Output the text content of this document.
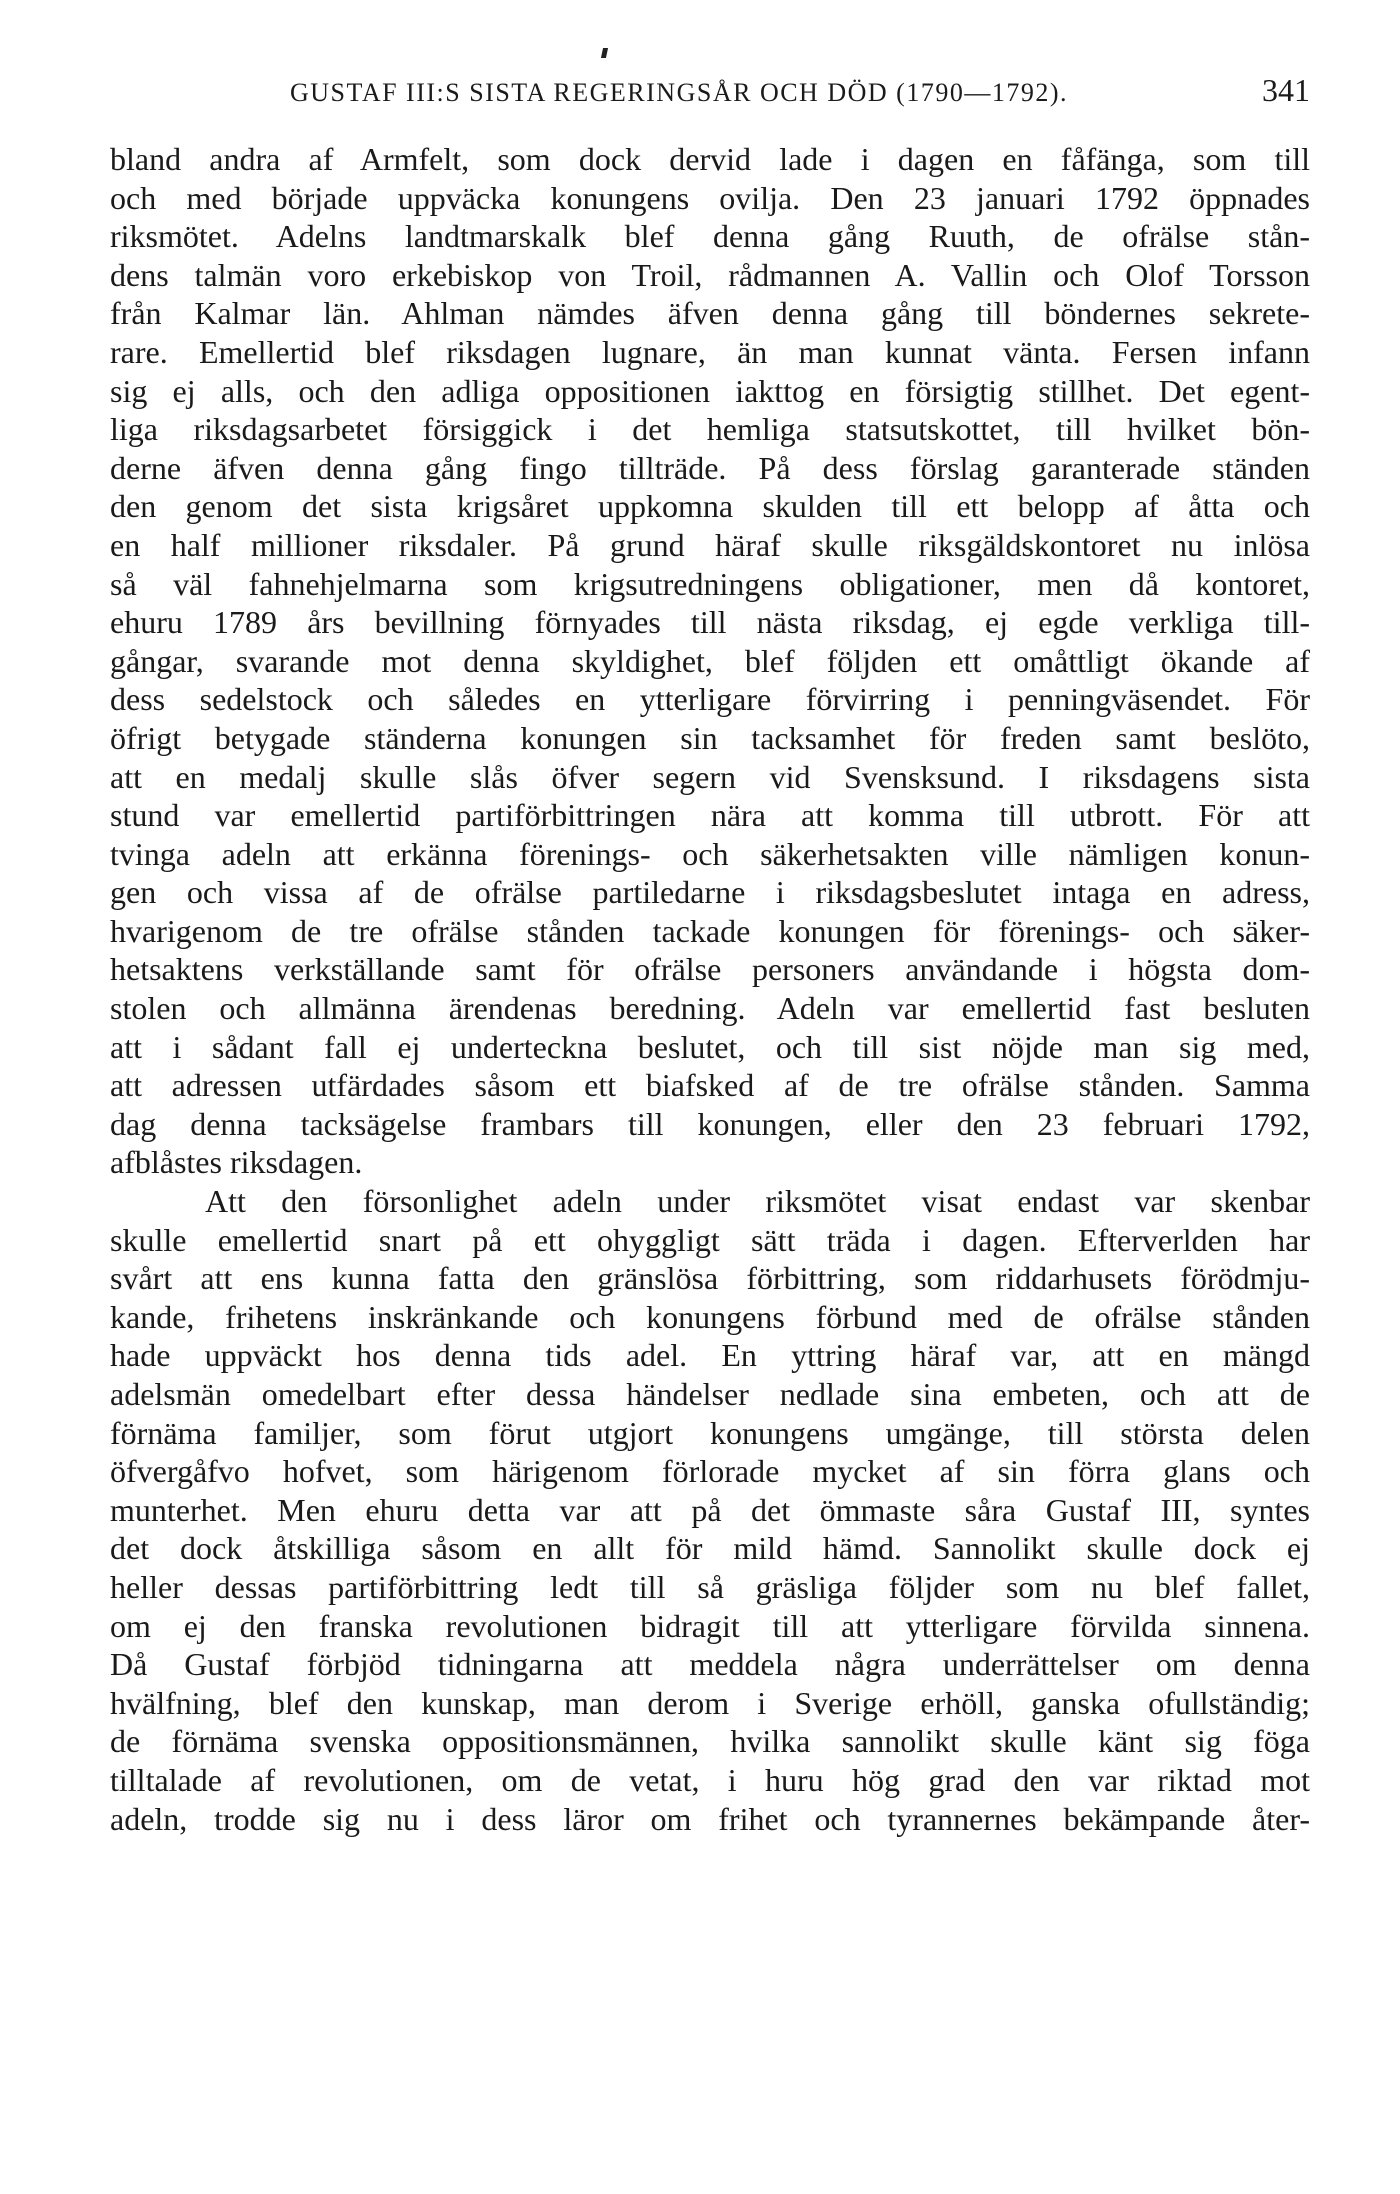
GUSTAF III:S SISTA REGERINGSÅR OCH DÖD (1790—1792).	341
bland andra af Armfelt, som dock dervid lade i dagen en fåfänga, som till
och med började uppväcka konungens ovilja. Den 23 januari 1792 öppnades
riksmötet. Adelns landtmarskalk blef denna gång Ruuth, de ofrälse stån-
dens talmän voro erkebiskop von Troil, rådmannen A. Vallin och Olof Torsson
från Kalmar län. Ahlman nämdes äfven denna gång till böndernes sekrete-
rare. Emellertid blef riksdagen lugnare, än man kunnat vänta. Fersen infann
sig ej alls, och den adliga oppositionen iakttog en försigtig stillhet. Det egent-
liga riksdagsarbetet försiggick i det hemliga statsutskottet, till hvilket bön-
derne äfven denna gång fingo tillträde. På dess förslag garanterade ständen
den genom det sista krigsåret uppkomna skulden till ett belopp af åtta och
en half millioner riksdaler. På grund häraf skulle riksgäldskontoret nu inlösa
så väl fahnehjelmarna som krigsutredningens obligationer, men då kontoret,
ehuru 1789 års bevillning förnyades till nästa riksdag, ej egde verkliga till-
gångar, svarande mot denna skyldighet, blef följden ett omåttligt ökande af
dess sedelstock och således en ytterligare förvirring i penningväsendet. För
öfrigt betygade ständerna konungen sin tacksamhet för freden samt beslöto,
att en medalj skulle slås öfver segern vid Svensksund. I riksdagens sista
stund var emellertid partiförbittringen nära att komma till utbrott. För att
tvinga adeln att erkänna förenings- och säkerhetsakten ville nämligen konun-
gen och vissa af de ofrälse partiledarne i riksdagsbeslutet intaga en adress,
hvarigenom de tre ofrälse stånden tackade konungen för förenings- och säker-
hetsaktens verkställande samt för ofrälse personers användande i högsta dom-
stolen och allmänna ärendenas beredning. Adeln var emellertid fast besluten
att i sådant fall ej underteckna beslutet, och till sist nöjde man sig med,
att adressen utfärdades såsom ett biafsked af de tre ofrälse stånden. Samma
dag denna tacksägelse frambars till konungen, eller den 23 februari 1792,
afblåstes riksdagen.
Att den försonlighet adeln under riksmötet visat endast var skenbar
skulle emellertid snart på ett ohyggligt sätt träda i dagen. Efterverlden har
svårt att ens kunna fatta den gränslösa förbittring, som riddarhusets förödmju-
kande, frihetens inskränkande och konungens förbund med de ofrälse stånden
hade uppväckt hos denna tids adel. En yttring häraf var, att en mängd
adelsmän omedelbart efter dessa händelser nedlade sina embeten, och att de
förnäma familjer, som förut utgjort konungens umgänge, till största delen
öfvergåfvo hofvet, som härigenom förlorade mycket af sin förra glans och
munterhet. Men ehuru detta var att på det ömmaste såra Gustaf III, syntes
det dock åtskilliga såsom en allt för mild hämd. Sannolikt skulle dock ej
heller dessas partiförbittring ledt till så gräsliga följder som nu blef fallet,
om ej den franska revolutionen bidragit till att ytterligare förvilda sinnena.
Då Gustaf förbjöd tidningarna att meddela några underrättelser om denna
hvälfning, blef den kunskap, man derom i Sverige erhöll, ganska ofullständig;
de förnäma svenska oppositionsmännen, hvilka sannolikt skulle känt sig föga
tilltalade af revolutionen, om de vetat, i huru hög grad den var riktad mot
adeln, trodde sig nu i dess läror om frihet och tyrannernes bekämpande åter-
